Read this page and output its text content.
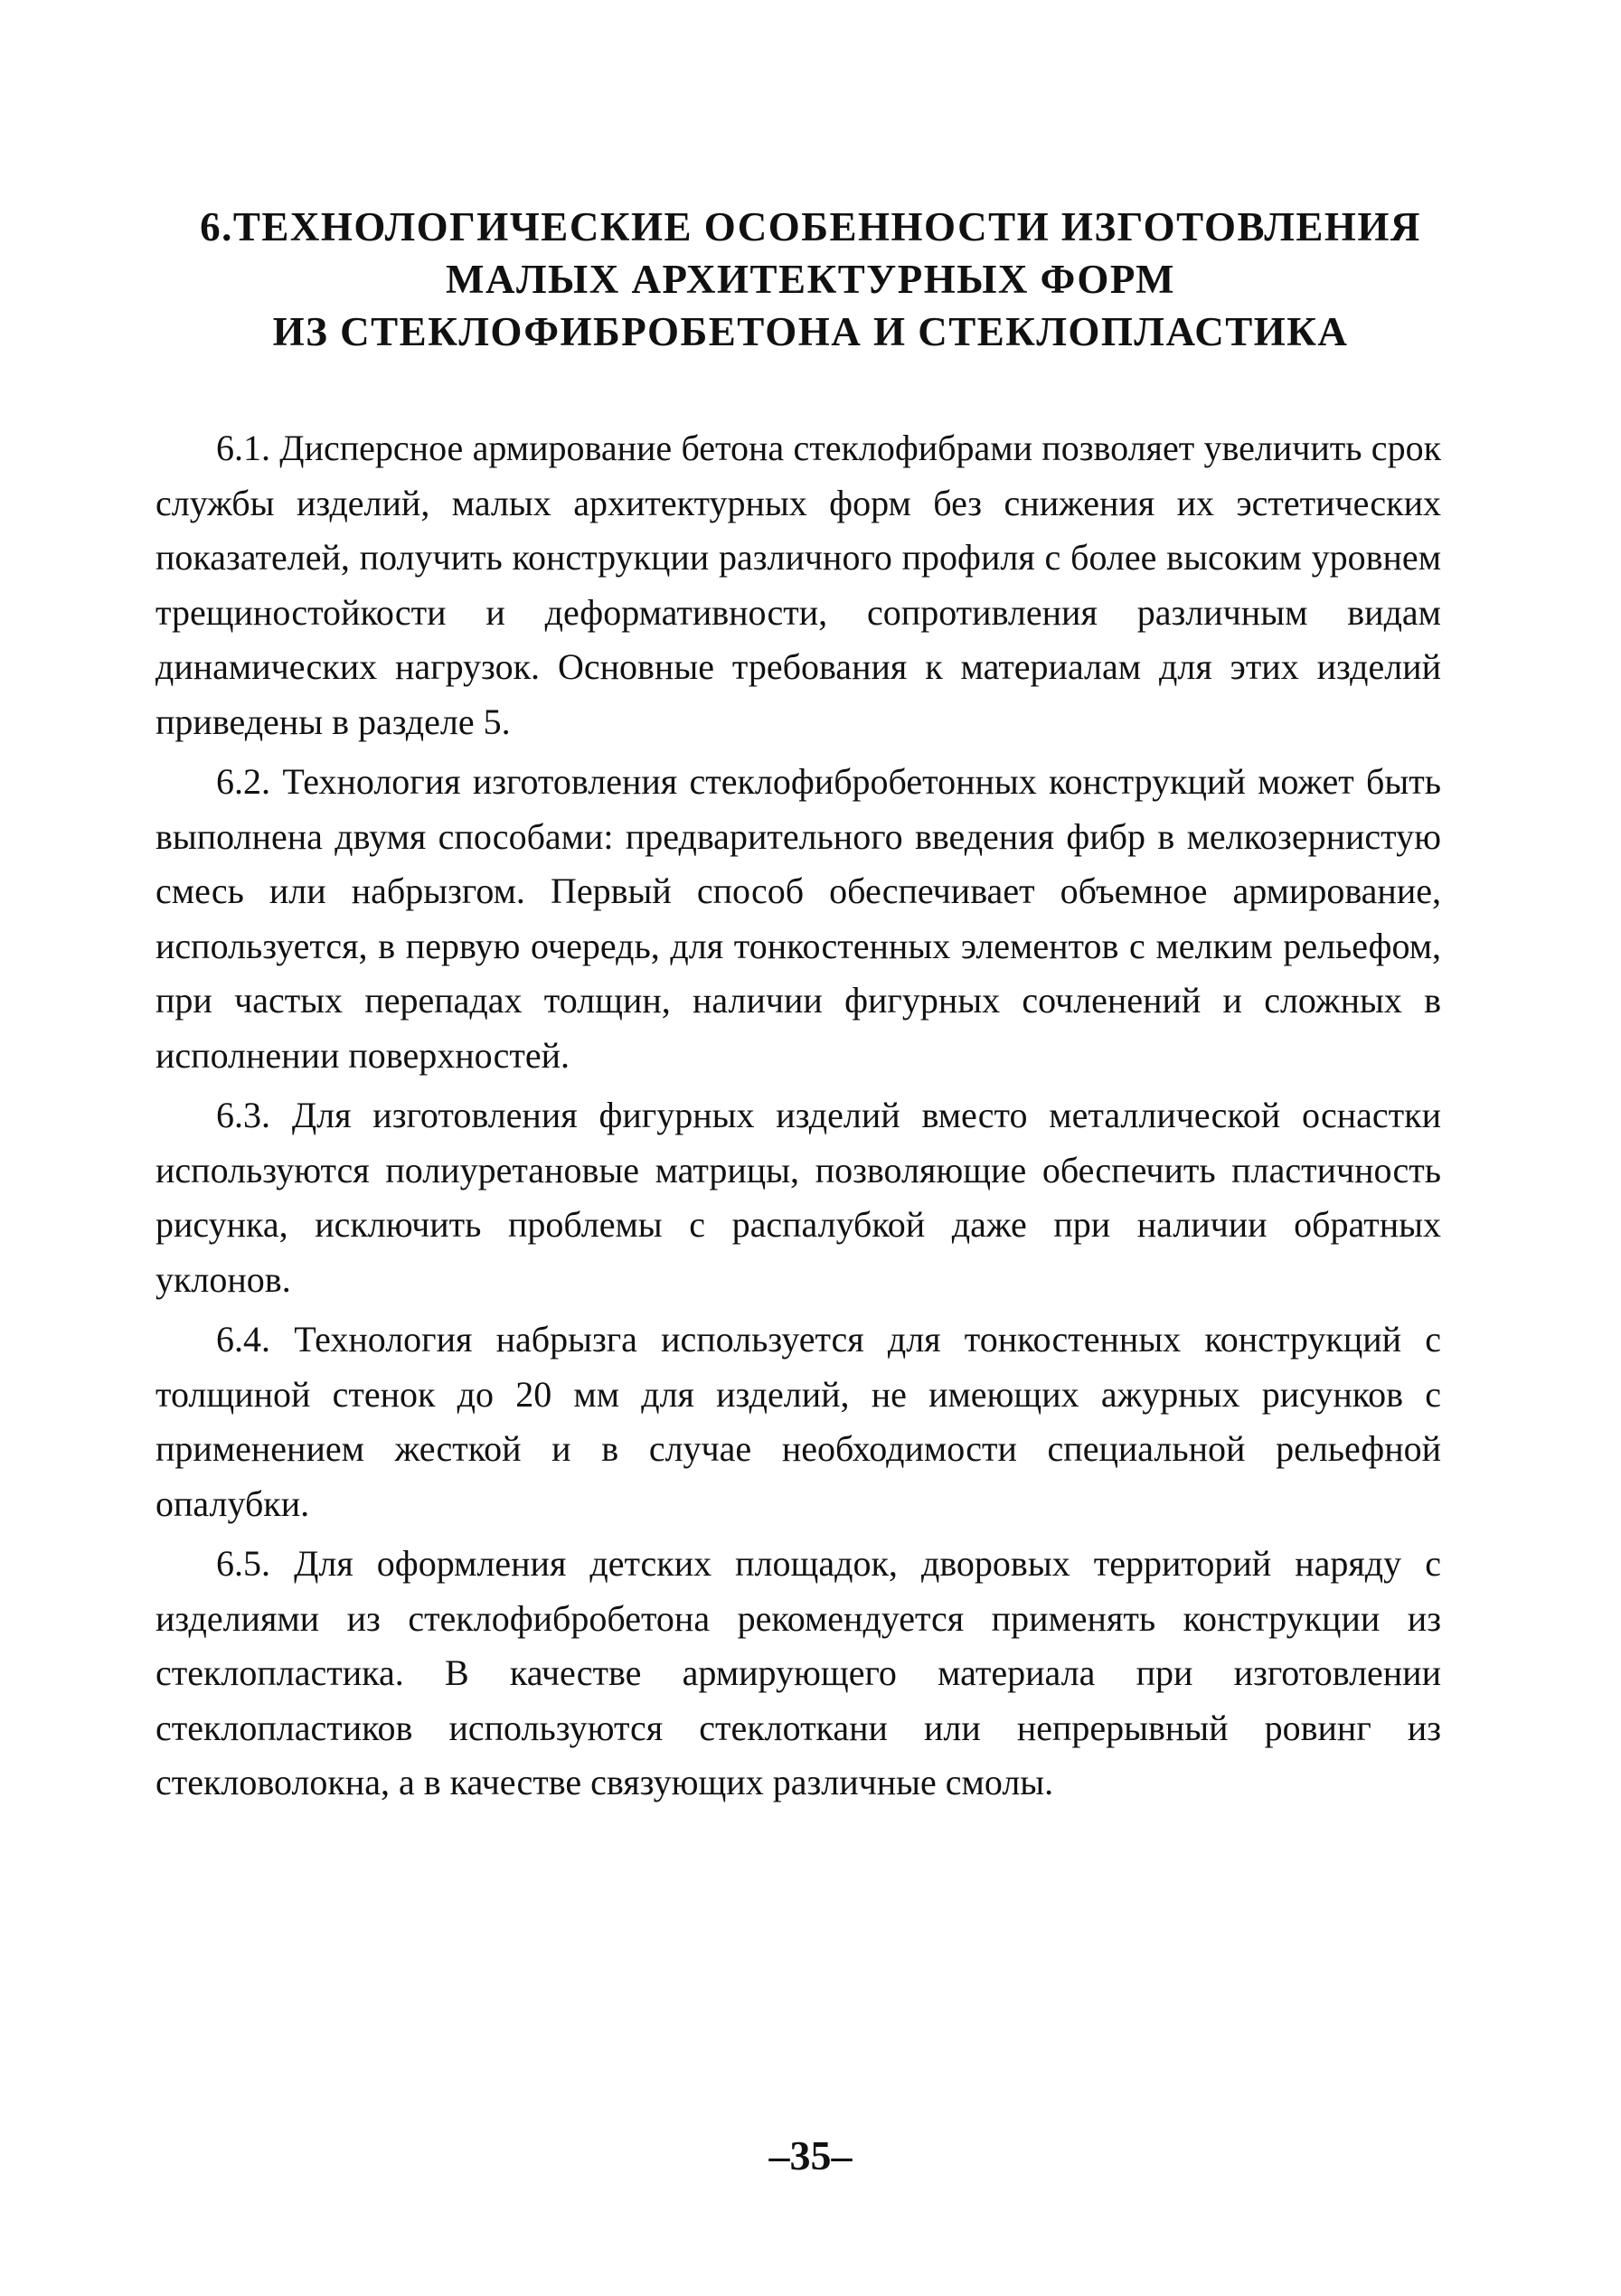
6.ТЕХНОЛОГИЧЕСКИЕ ОСОБЕННОСТИ ИЗГОТОВЛЕНИЯ
МАЛЫХ АРХИТЕКТУРНЫХ ФОРМ
ИЗ СТЕКЛОФИБРОБЕТОНА И СТЕКЛОПЛАСТИКА

6.1. Дисперсное армирование бетона стеклофибрами позволяет увеличить срок службы изделий, малых архитектурных форм без снижения их эстетических показателей, получить конструкции различного профиля с более высоким уровнем трещиностойкости и деформативности, сопротивления различным видам динамических нагрузок. Основные требования к материалам для этих изделий приведены в разделе 5.

6.2. Технология изготовления стеклофибробетонных конструкций может быть выполнена двумя способами: предварительного введения фибр в мелкозернистую смесь или набрызгом. Первый способ обеспечивает объемное армирование, используется, в первую очередь, для тонкостенных элементов с мелким рельефом, при частых перепадах толщин, наличии фигурных сочленений и сложных в исполнении поверхностей.

6.3. Для изготовления фигурных изделий вместо металлической оснастки используются полиуретановые матрицы, позволяющие обеспечить пластичность рисунка, исключить проблемы с распалубкой даже при наличии обратных уклонов.

6.4. Технология набрызга используется для тонкостенных конструкций с толщиной стенок до 20 мм для изделий, не имеющих ажурных рисунков с применением жесткой и в случае необходимости специальной рельефной опалубки.

6.5. Для оформления детских площадок, дворовых территорий наряду с изделиями из стеклофибробетона рекомендуется применять конструкции из стеклопластика. В качестве армирующего материала при изготовлении стеклопластиков используются стеклоткани или непрерывный ровинг из стекловолокна, а в качестве связующих различные смолы.

–35–
